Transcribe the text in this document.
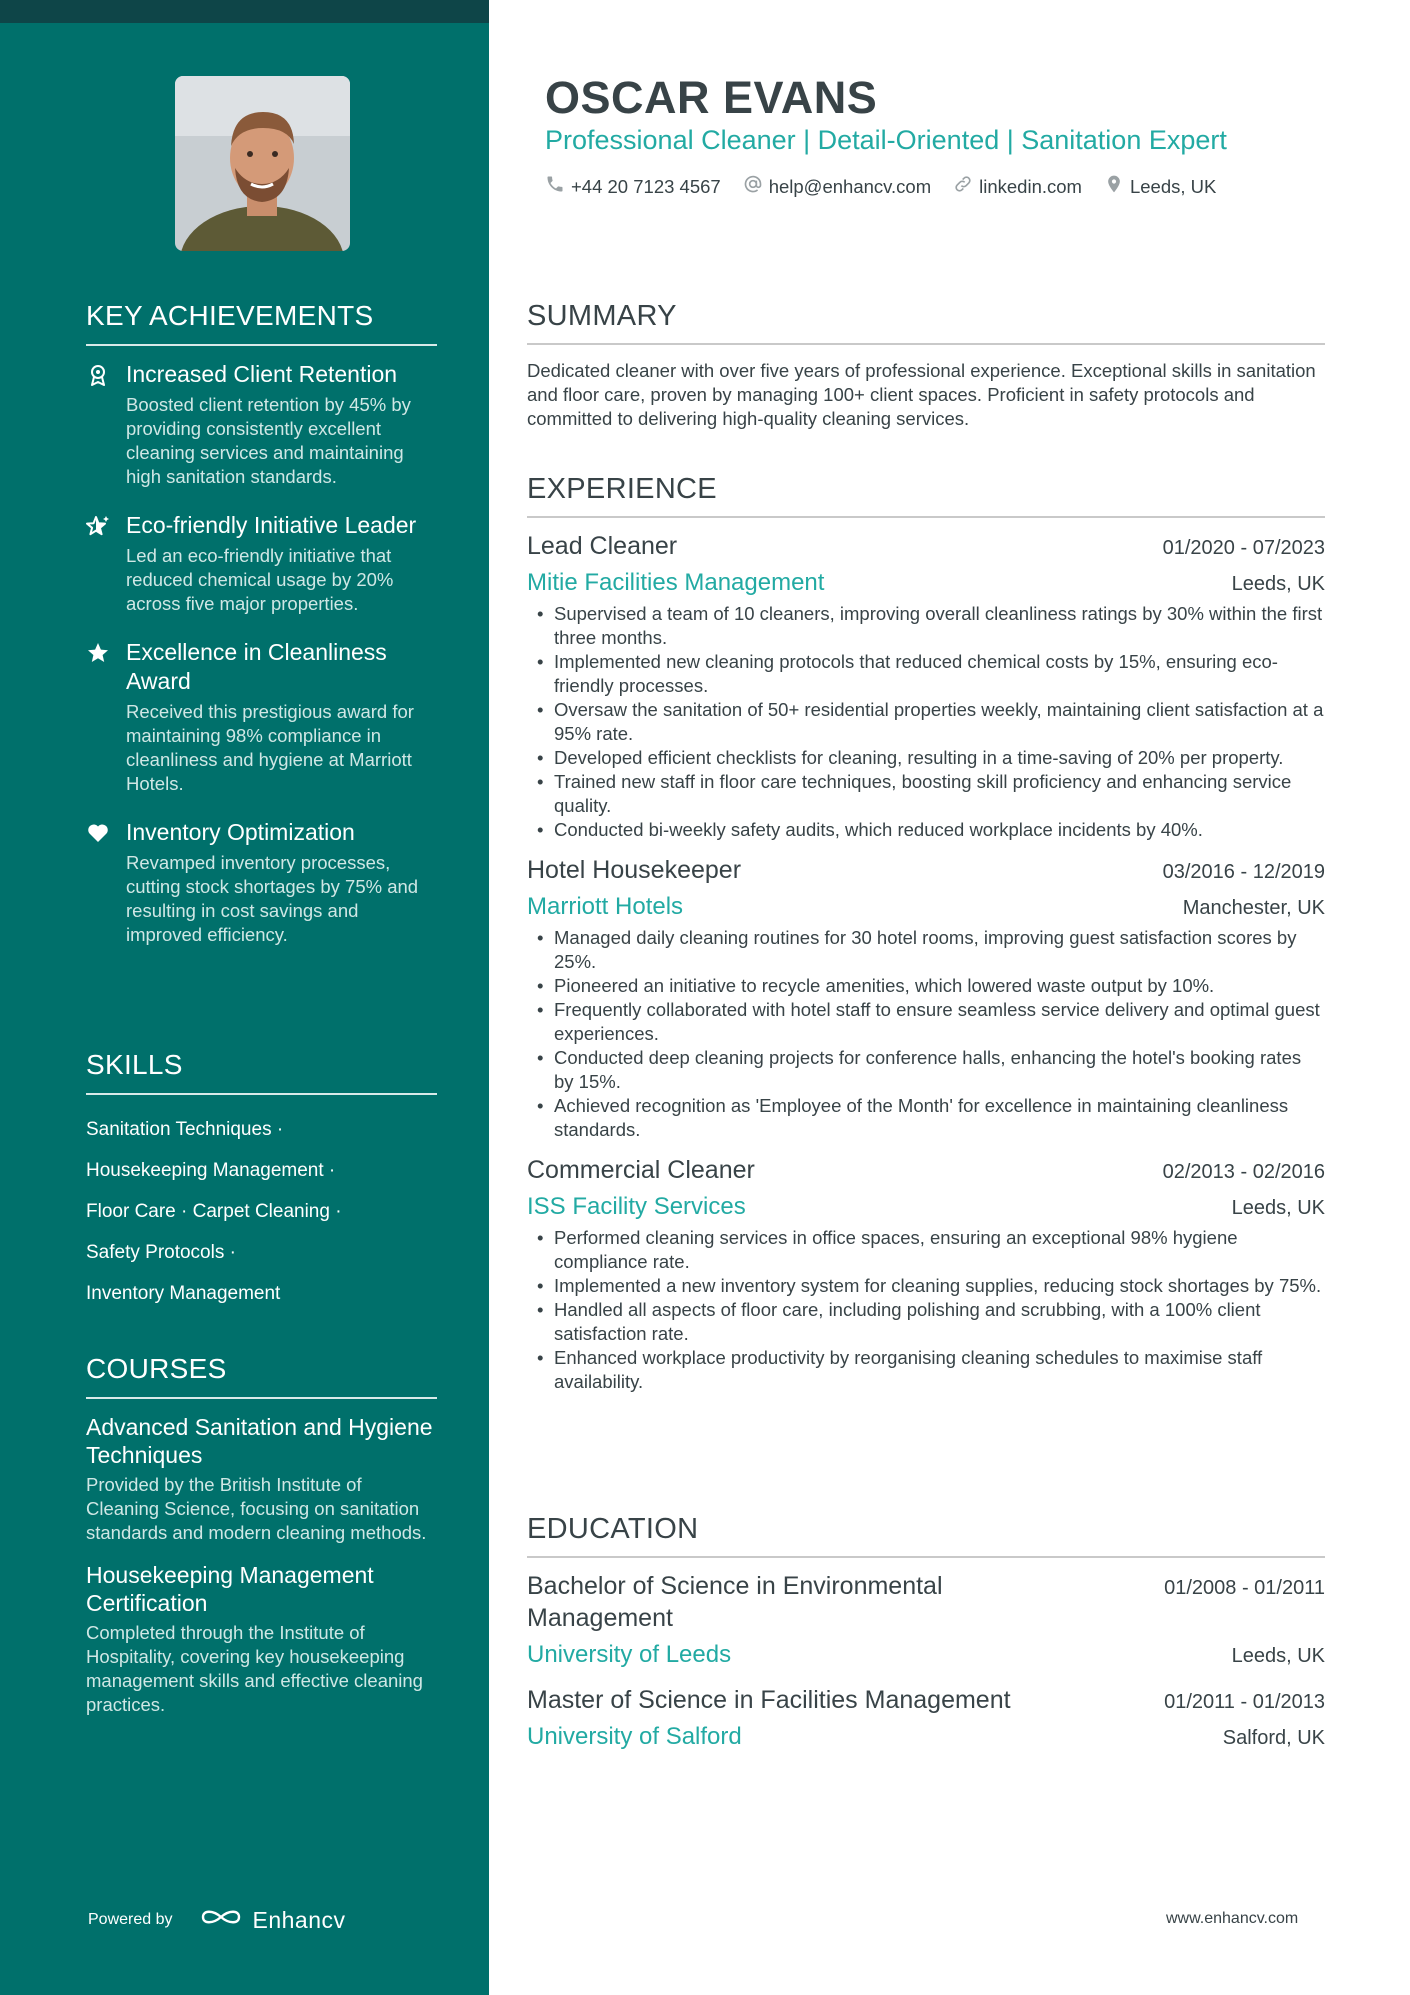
KEY ACHIEVEMENTS
Increased Client Retention
Boosted client retention by 45% by providing consistently excellent cleaning services and maintaining high sanitation standards.
Eco-friendly Initiative Leader
Led an eco-friendly initiative that reduced chemical usage by 20% across five major properties.
Excellence in Cleanliness Award
Received this prestigious award for maintaining 98% compliance in cleanliness and hygiene at Marriott Hotels.
Inventory Optimization
Revamped inventory processes, cutting stock shortages by 75% and resulting in cost savings and improved efficiency.
SKILLS
Sanitation Techniques ·
Housekeeping Management ·
Floor Care · Carpet Cleaning ·
Safety Protocols ·
Inventory Management
COURSES
Advanced Sanitation and Hygiene Techniques
Provided by the British Institute of Cleaning Science, focusing on sanitation standards and modern cleaning methods.
Housekeeping Management Certification
Completed through the Institute of Hospitality, covering key housekeeping management skills and effective cleaning practices.
Powered by	Enhancv
OSCAR EVANS
Professional Cleaner | Detail-Oriented | Sanitation Expert
+44 20 7123 4567	help@enhancv.com	linkedin.com	Leeds, UK
SUMMARY
Dedicated cleaner with over five years of professional experience. Exceptional skills in sanitation and floor care, proven by managing 100+ client spaces. Proficient in safety protocols and committed to delivering high-quality cleaning services.
EXPERIENCE
Lead Cleaner	01/2020 - 07/2023
Mitie Facilities Management	Leeds, UK
• Supervised a team of 10 cleaners, improving overall cleanliness ratings by 30% within the first three months.
• Implemented new cleaning protocols that reduced chemical costs by 15%, ensuring eco-friendly processes.
• Oversaw the sanitation of 50+ residential properties weekly, maintaining client satisfaction at a 95% rate.
• Developed efficient checklists for cleaning, resulting in a time-saving of 20% per property.
• Trained new staff in floor care techniques, boosting skill proficiency and enhancing service quality.
• Conducted bi-weekly safety audits, which reduced workplace incidents by 40%.
Hotel Housekeeper	03/2016 - 12/2019
Marriott Hotels	Manchester, UK
• Managed daily cleaning routines for 30 hotel rooms, improving guest satisfaction scores by 25%.
• Pioneered an initiative to recycle amenities, which lowered waste output by 10%.
• Frequently collaborated with hotel staff to ensure seamless service delivery and optimal guest experiences.
• Conducted deep cleaning projects for conference halls, enhancing the hotel's booking rates by 15%.
• Achieved recognition as 'Employee of the Month' for excellence in maintaining cleanliness standards.
Commercial Cleaner	02/2013 - 02/2016
ISS Facility Services	Leeds, UK
• Performed cleaning services in office spaces, ensuring an exceptional 98% hygiene compliance rate.
• Implemented a new inventory system for cleaning supplies, reducing stock shortages by 75%.
• Handled all aspects of floor care, including polishing and scrubbing, with a 100% client satisfaction rate.
• Enhanced workplace productivity by reorganising cleaning schedules to maximise staff availability.
EDUCATION
Bachelor of Science in Environmental Management
01/2008 - 01/2011
University of Leeds	Leeds, UK
Master of Science in Facilities Management	01/2011 - 01/2013
University of Salford	Salford, UK
www.enhancv.com
